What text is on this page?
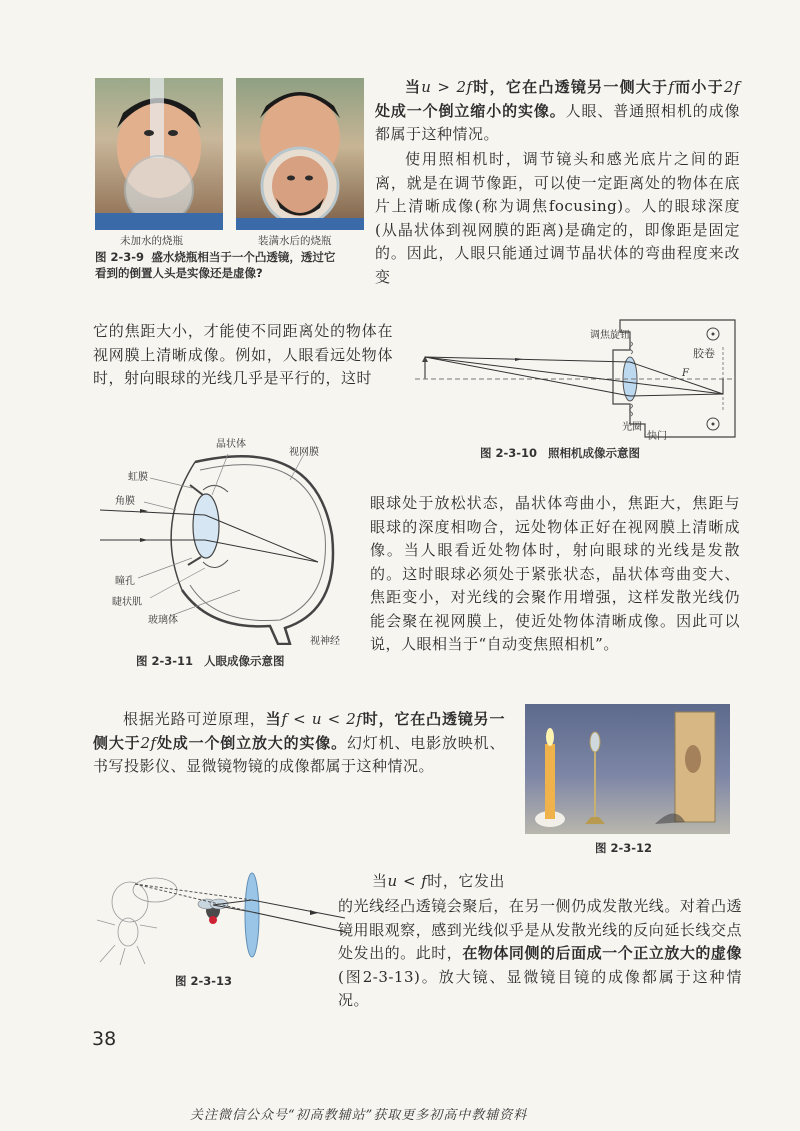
未加水的烧瓶	装满水后的烧瓶
图 2-3-9 盛水烧瓶相当于一个凸透镜，透过它
看到的倒置人头是实像还是虚像?
当u > 2f时，它在凸透镜另一侧大于f而小于2f处成一个倒立缩小的实像。人眼、普通照相机的成像都属于这种情况。
使用照相机时，调节镜头和感光底片之间的距离，就是在调节像距，可以使一定距离处的物体在底片上清晰成像(称为调焦focusing)。人的眼球深度(从晶状体到视网膜的距离)是确定的，即像距是固定的。因此，人眼只能通过调节晶状体的弯曲程度来改变
它的焦距大小，才能使不同距离处的物体在视网膜上清晰成像。例如，人眼看远处物体时，射向眼球的光线几乎是平行的，这时
调焦旋钮
胶卷
F
光圈
快门
图 2-3-10 照相机成像示意图
晶状体
视网膜
虹膜
角膜
瞳孔
睫状肌
玻璃体
视神经
图 2-3-11 人眼成像示意图
眼球处于放松状态，晶状体弯曲小，焦距大，焦距与眼球的深度相吻合，远处物体正好在视网膜上清晰成像。当人眼看近处物体时，射向眼球的光线是发散的。这时眼球必须处于紧张状态，晶状体弯曲变大、焦距变小，对光线的会聚作用增强，这样发散光线仍能会聚在视网膜上，使近处物体清晰成像。因此可以说，人眼相当于“自动变焦照相机”。
根据光路可逆原理，当f < u < 2f时，它在凸透镜另一侧大于2f处成一个倒立放大的实像。幻灯机、电影放映机、书写投影仪、显微镜物镜的成像都属于这种情况。
图 2-3-12
图 2-3-13
当u < f时，它发出
的光线经凸透镜会聚后，在另一侧仍成发散光线。对着凸透镜用眼观察，感到光线似乎是从发散光线的反向延长线交点处发出的。此时，在物体同侧的后面成一个正立放大的虚像(图2-3-13)。放大镜、显微镜目镜的成像都属于这种情况。
38
关注微信公众号“初高教辅站”获取更多初高中教辅资料
